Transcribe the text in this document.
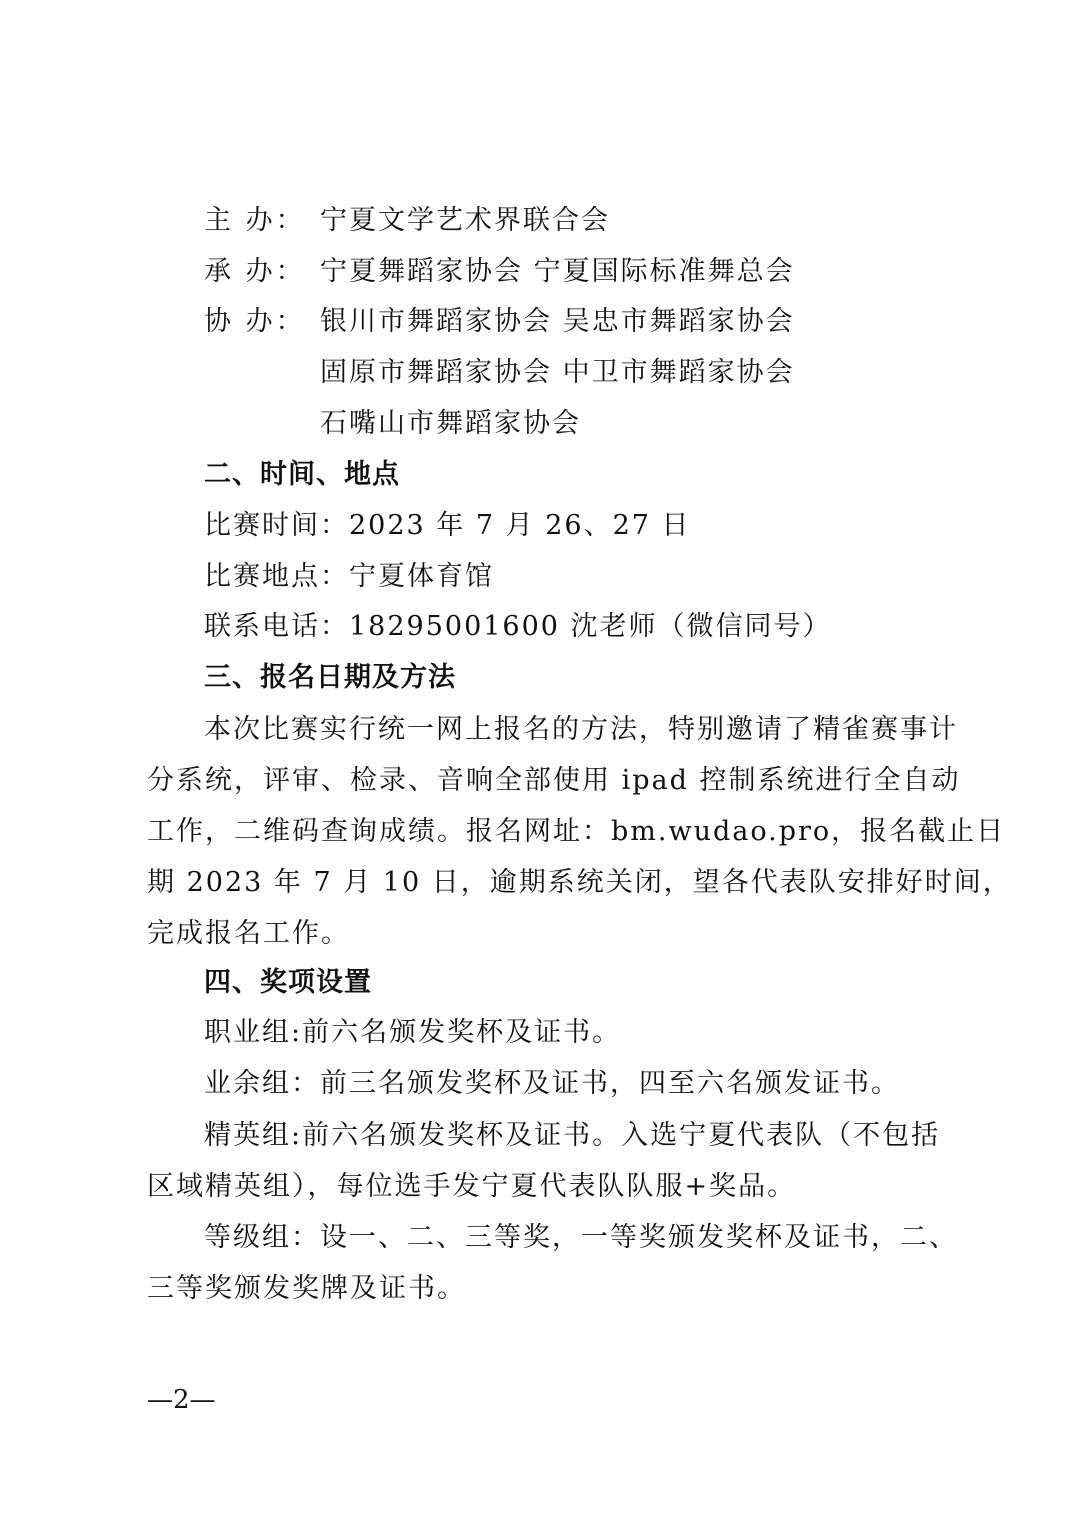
主 办： 宁夏文学艺术界联合会
承 办： 宁夏舞蹈家协会 宁夏国际标准舞总会
协 办： 银川市舞蹈家协会 吴忠市舞蹈家协会
固原市舞蹈家协会 中卫市舞蹈家协会
石嘴山市舞蹈家协会
二、时间、地点
比赛时间：2023 年 7 月 26、27 日
比赛地点：宁夏体育馆
联系电话：18295001600 沈老师（微信同号）
三、报名日期及方法
本次比赛实行统一网上报名的方法，特别邀请了精雀赛事计
分系统，评审、检录、音响全部使用 ipad 控制系统进行全自动
工作，二维码查询成绩。报名网址：bm.wudao.pro，报名截止日
期 2023 年 7 月 10 日，逾期系统关闭，望各代表队安排好时间，
完成报名工作。
四、奖项设置
职业组:前六名颁发奖杯及证书。
业余组：前三名颁发奖杯及证书，四至六名颁发证书。
精英组:前六名颁发奖杯及证书。入选宁夏代表队（不包括
区域精英组），每位选手发宁夏代表队队服+奖品。
等级组：设一、二、三等奖，一等奖颁发奖杯及证书，二、
三等奖颁发奖牌及证书。
—2—
